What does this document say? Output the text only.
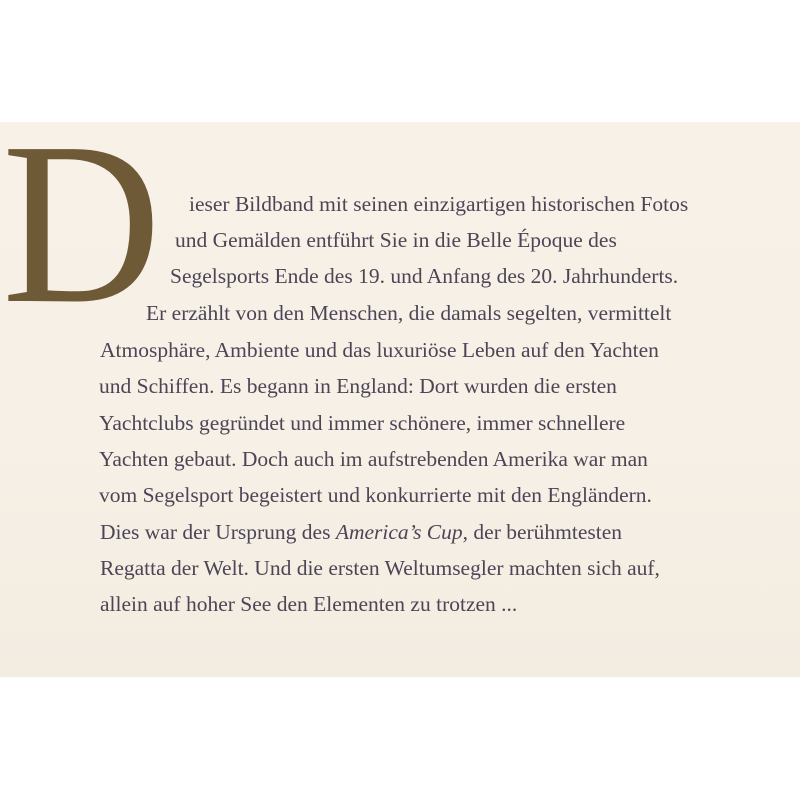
D ieser Bildband mit seinen einzigartigen historischen Fotos
und Gemälden entführt Sie in die Belle Époque des
Segelsports Ende des 19. und Anfang des 20. Jahrhunderts.
Er erzählt von den Menschen, die damals segelten, vermittelt
Atmosphäre, Ambiente und das luxuriöse Leben auf den Yachten
und Schiffen. Es begann in England: Dort wurden die ersten
Yachtclubs gegründet und immer schönere, immer schnellere
Yachten gebaut. Doch auch im aufstrebenden Amerika war man
vom Segelsport begeistert und konkurrierte mit den Engländern.
Dies war der Ursprung des America’s Cup, der berühmtesten
Regatta der Welt. Und die ersten Weltumsegler machten sich auf,
allein auf hoher See den Elementen zu trotzen ...
